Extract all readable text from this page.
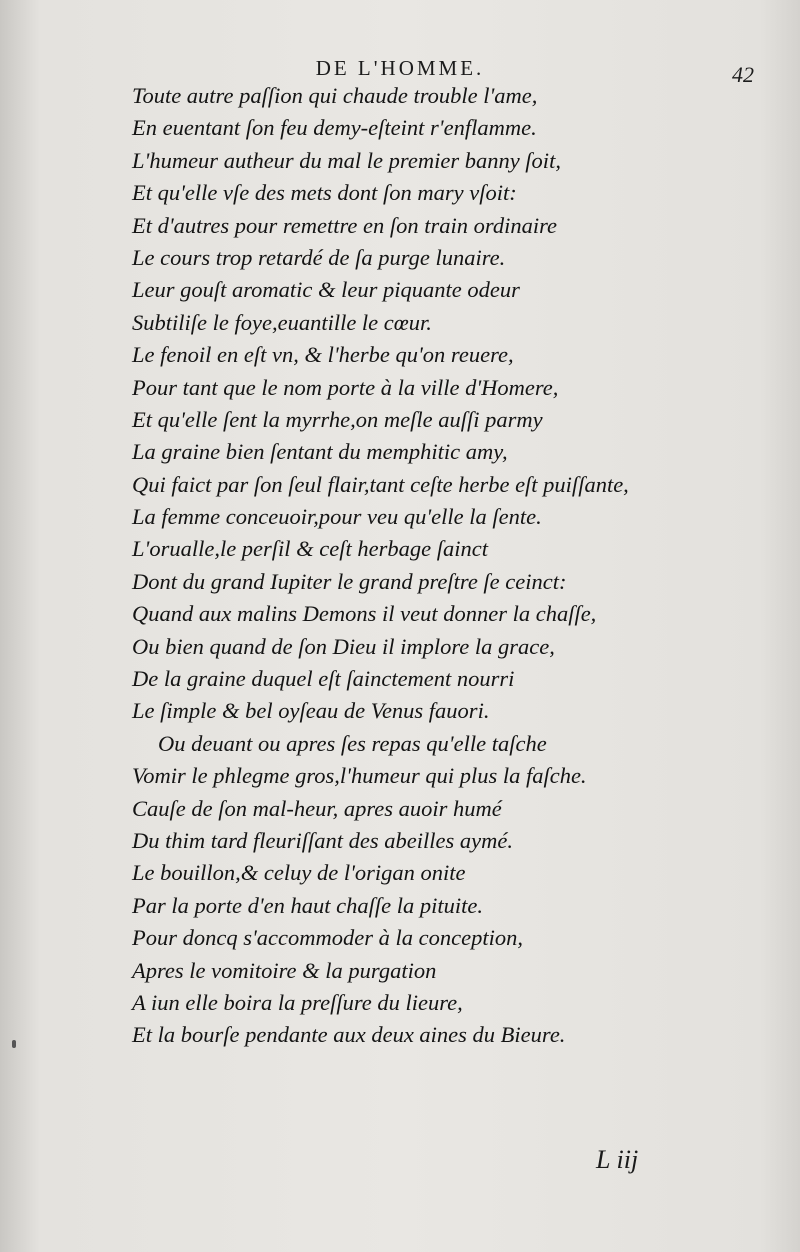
DE L'HOMME.	42
Toute autre paſſion qui chaude trouble l'ame,
En euentant ſon feu demy-eſteint r'enflamme.
L'humeur autheur du mal le premier banny ſoit,
Et qu'elle vſe des mets dont ſon mary vſoit:
Et d'autres pour remettre en ſon train ordinaire
Le cours trop retardé de ſa purge lunaire.
Leur gouſt aromatic & leur piquante odeur
Subtiliſe le foye,euantille le cœur.
Le fenoil en eſt vn, & l'herbe qu'on reuere,
Pour tant que le nom porte à la ville d'Homere,
Et qu'elle ſent la myrrhe,on meſle auſſi parmy
La graine bien ſentant du memphitic amy,
Qui faict par ſon ſeul flair,tant ceſte herbe eſt puiſſante,
La femme conceuoir,pour veu qu'elle la ſente.
L'orualle,le perſil & ceſt herbage ſainct
Dont du grand Iupiter le grand preſtre ſe ceinct:
Quand aux malins Demons il veut donner la chaſſe,
Ou bien quand de ſon Dieu il implore la grace,
De la graine duquel eſt ſainctement nourri
Le ſimple & bel oyſeau de Venus fauori.
Ou deuant ou apres ſes repas qu'elle taſche
Vomir le phlegme gros,l'humeur qui plus la faſche.
Cauſe de ſon mal-heur, apres auoir humé
Du thim tard fleuriſſant des abeilles aymé.
Le bouillon,& celuy de l'origan onite
Par la porte d'en haut chaſſe la pituite.
Pour doncq s'accommoder à la conception,
Apres le vomitoire & la purgation
A iun elle boira la preſſure du lieure,
Et la bourſe pendante aux deux aines du Bieure.
L iij
